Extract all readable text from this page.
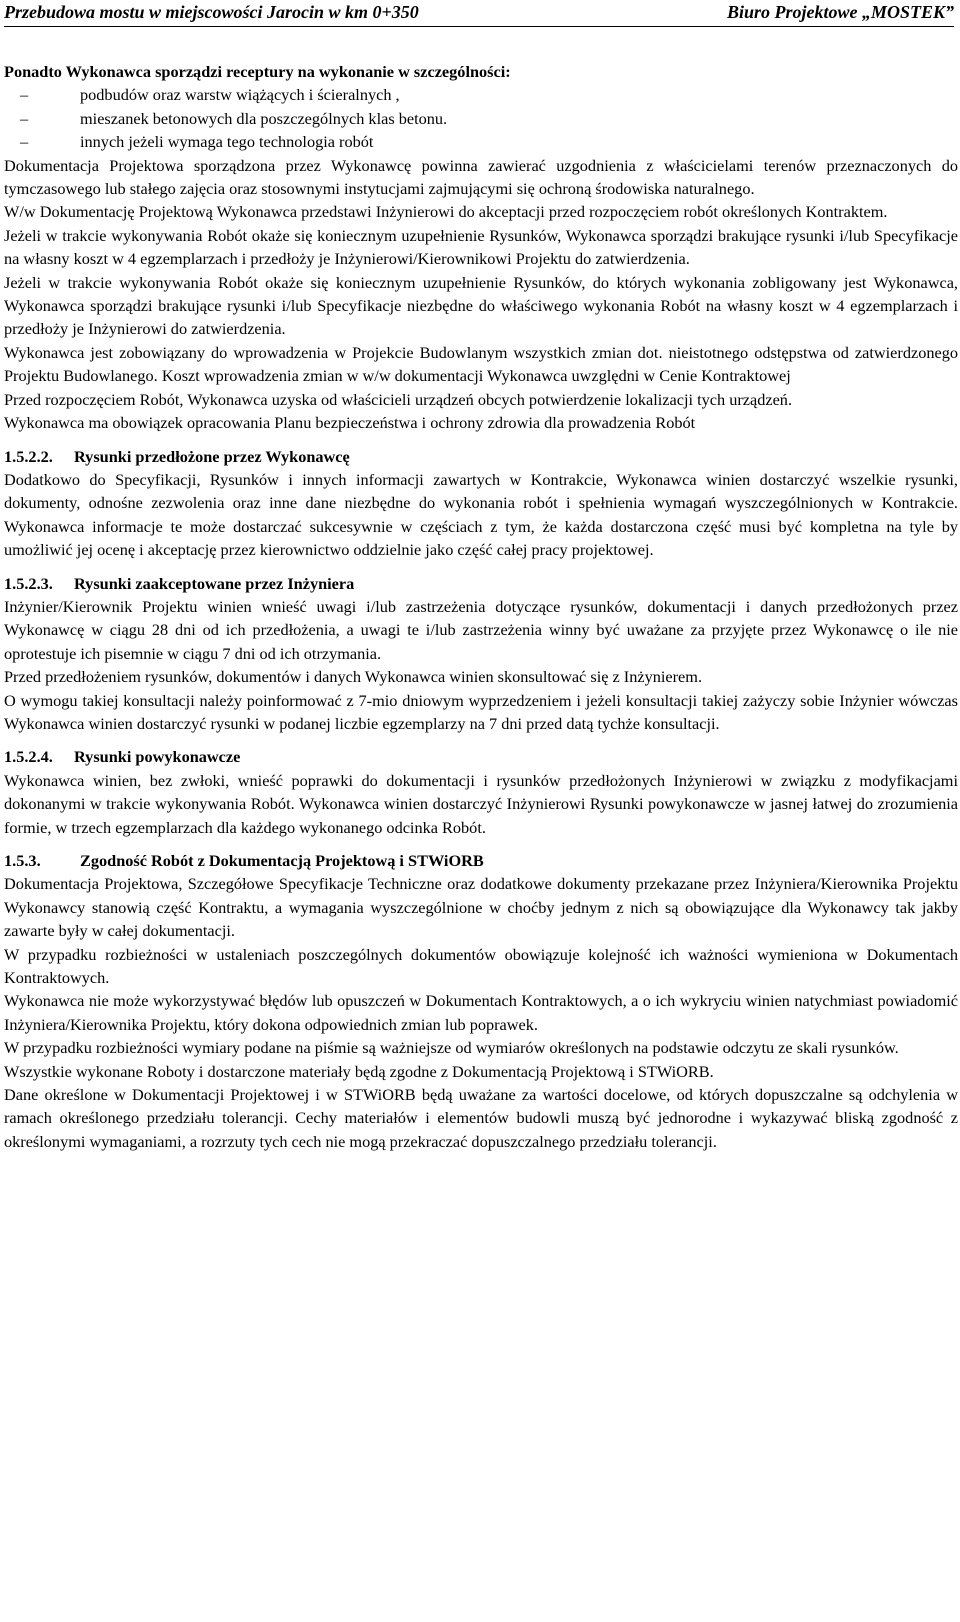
Przebudowa mostu w miejscowości Jarocin w km 0+350	Biuro Projektowe „MOSTEK”

Ponadto Wykonawca sporządzi receptury na wykonanie w szczególności:

–	podbudów oraz warstw wiążących i ścieralnych ,
–	mieszanek betonowych dla poszczególnych klas betonu.
–	innych jeżeli wymaga tego technologia robót

Dokumentacja Projektowa sporządzona przez Wykonawcę powinna zawierać uzgodnienia z właścicielami terenów przeznaczonych do tymczasowego lub stałego zajęcia oraz stosownymi instytucjami zajmującymi się ochroną środowiska naturalnego.

W/w Dokumentację Projektową Wykonawca przedstawi Inżynierowi do akceptacji przed rozpoczęciem robót określonych Kontraktem.

Jeżeli w trakcie wykonywania Robót okaże się koniecznym uzupełnienie Rysunków, Wykonawca sporządzi brakujące rysunki i/lub Specyfikacje na własny koszt w 4 egzemplarzach i przedłoży je Inżynierowi/Kierownikowi Projektu do zatwierdzenia.

Jeżeli w trakcie wykonywania Robót okaże się koniecznym uzupełnienie Rysunków, do których wykonania zobligowany jest Wykonawca, Wykonawca sporządzi brakujące rysunki i/lub Specyfikacje niezbędne do właściwego wykonania Robót na własny koszt w 4 egzemplarzach i przedłoży je Inżynierowi do zatwierdzenia.

Wykonawca jest zobowiązany do wprowadzenia w Projekcie Budowlanym wszystkich zmian dot. nieistotnego odstępstwa od zatwierdzonego Projektu Budowlanego. Koszt wprowadzenia zmian w w/w dokumentacji Wykonawca uwzględni w Cenie Kontraktowej

Przed rozpoczęciem Robót, Wykonawca uzyska od właścicieli urządzeń obcych potwierdzenie lokalizacji tych urządzeń.

Wykonawca ma obowiązek opracowania Planu bezpieczeństwa i ochrony zdrowia dla prowadzenia Robót

1.5.2.2.	Rysunki przedłożone przez Wykonawcę

Dodatkowo do Specyfikacji, Rysunków i innych informacji zawartych w Kontrakcie, Wykonawca winien dostarczyć wszelkie rysunki, dokumenty, odnośne zezwolenia oraz inne dane niezbędne do wykonania robót i spełnienia wymagań wyszczególnionych w Kontrakcie. Wykonawca informacje te może dostarczać sukcesywnie w częściach z tym, że każda dostarczona część musi być kompletna na tyle by umożliwić jej ocenę i akceptację przez kierownictwo oddzielnie jako część całej pracy projektowej.

1.5.2.3.	Rysunki zaakceptowane przez Inżyniera

Inżynier/Kierownik Projektu winien wnieść uwagi i/lub zastrzeżenia dotyczące rysunków, dokumentacji i danych przedłożonych przez Wykonawcę w ciągu 28 dni od ich przedłożenia, a uwagi te i/lub zastrzeżenia winny być uważane za przyjęte przez Wykonawcę o ile nie oprotestuje ich pisemnie w ciągu 7 dni od ich otrzymania.

Przed przedłożeniem rysunków, dokumentów i danych Wykonawca winien skonsultować się z Inżynierem.

O wymogu takiej konsultacji należy poinformować z 7-mio dniowym wyprzedzeniem i jeżeli konsultacji takiej zażyczy sobie Inżynier wówczas Wykonawca winien dostarczyć rysunki w podanej liczbie egzemplarzy na 7 dni przed datą tychże konsultacji.

1.5.2.4.	Rysunki powykonawcze

Wykonawca winien, bez zwłoki, wnieść poprawki do dokumentacji i rysunków przedłożonych Inżynierowi w związku z modyfikacjami dokonanymi w trakcie wykonywania Robót. Wykonawca winien dostarczyć Inżynierowi Rysunki powykonawcze w jasnej łatwej do zrozumienia formie, w trzech egzemplarzach dla każdego wykonanego odcinka Robót.

1.5.3.	Zgodność Robót z Dokumentacją Projektową i STWiORB

Dokumentacja Projektowa, Szczegółowe Specyfikacje Techniczne oraz dodatkowe dokumenty przekazane przez Inżyniera/Kierownika Projektu Wykonawcy stanowią część Kontraktu, a wymagania wyszczególnione w choćby jednym z nich są obowiązujące dla Wykonawcy tak jakby zawarte były w całej dokumentacji.

W przypadku rozbieżności w ustaleniach poszczególnych dokumentów obowiązuje kolejność ich ważności wymieniona w Dokumentach Kontraktowych.

Wykonawca nie może wykorzystywać błędów lub opuszczeń w Dokumentach Kontraktowych, a o ich wykryciu winien natychmiast powiadomić Inżyniera/Kierownika Projektu, który dokona odpowiednich zmian lub poprawek.

W przypadku rozbieżności wymiary podane na piśmie są ważniejsze od wymiarów określonych na podstawie odczytu ze skali rysunków.

Wszystkie wykonane Roboty i dostarczone materiały będą zgodne z Dokumentacją Projektową i STWiORB.

Dane określone w Dokumentacji Projektowej i w STWiORB będą uważane za wartości docelowe, od których dopuszczalne są odchylenia w ramach określonego przedziału tolerancji. Cechy materiałów i elementów budowli muszą być jednorodne i wykazywać bliską zgodność z określonymi wymaganiami, a rozrzuty tych cech nie mogą przekraczać dopuszczalnego przedziału tolerancji.
